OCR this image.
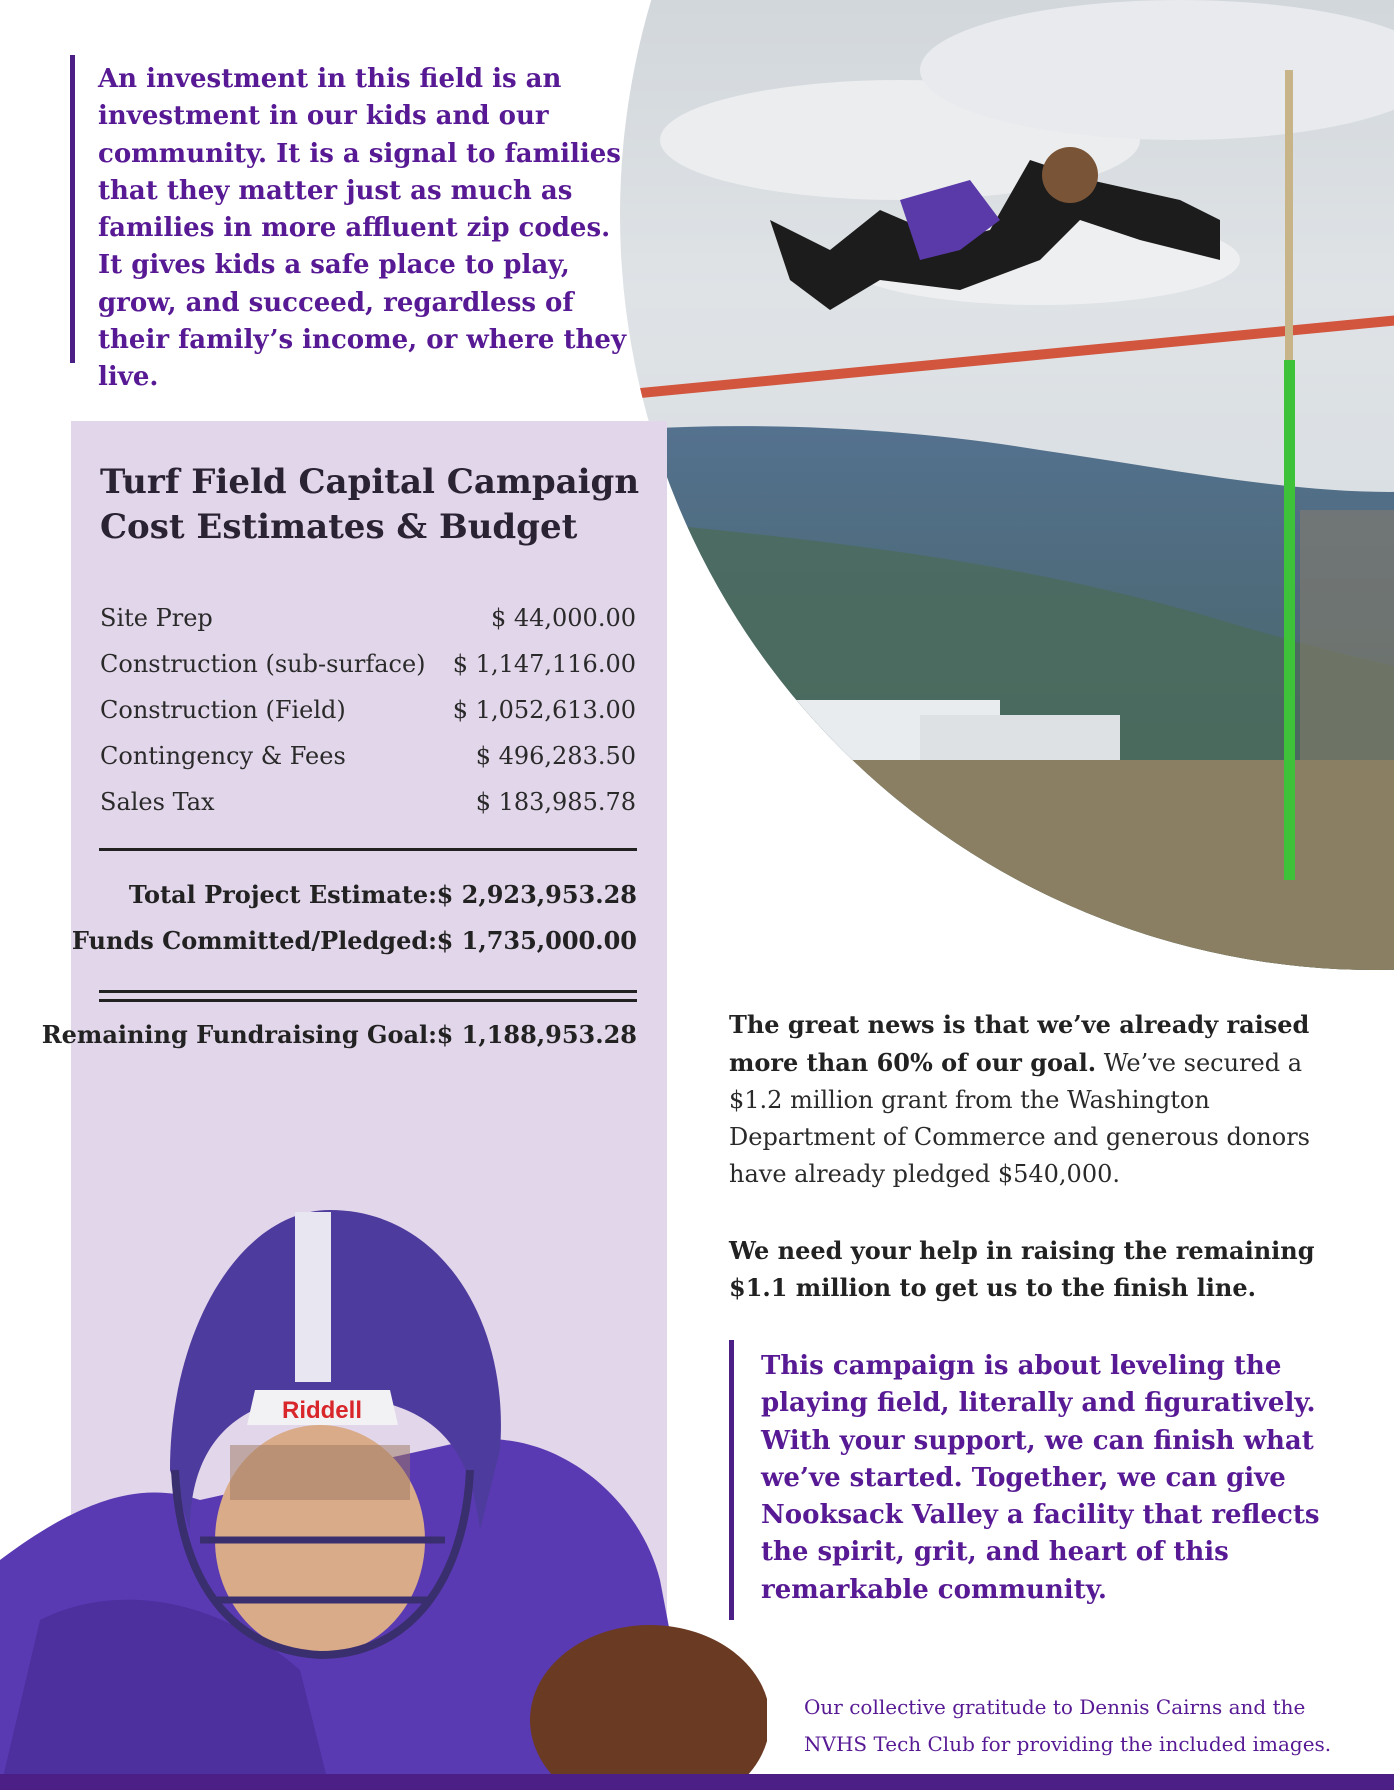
An investment in this field is an investment in our kids and our community. It is a signal to families that they matter just as much as families in more affluent zip codes. It gives kids a safe place to play, grow, and succeed, regardless of their family’s income, or where they live.
Turf Field Capital Campaign
Cost Estimates & Budget
Site Prep	$ 44,000.00
Construction (sub-surface) $ 1,147,116.00
Construction (Field)	$ 1,052,613.00
Contingency & Fees	$ 496,283.50
Sales Tax	$ 183,985.78
Total Project Estimate: $ 2,923,953.28
Funds Committed/Pledged: $ 1,735,000.00
Remaining Fundraising Goal: $ 1,188,953.28
Riddell
The great news is that we’ve already raised more than 60% of our goal. We’ve secured a $1.2 million grant from the Washington Department of Commerce and generous donors have already pledged $540,000.
We need your help in raising the remaining $1.1 million to get us to the finish line.
This campaign is about leveling the playing field, literally and figuratively. With your support, we can finish what we’ve started. Together, we can give Nooksack Valley a facility that reflects the spirit, grit, and heart of this remarkable community.
Our collective gratitude to Dennis Cairns and the NVHS Tech Club for providing the included images.
